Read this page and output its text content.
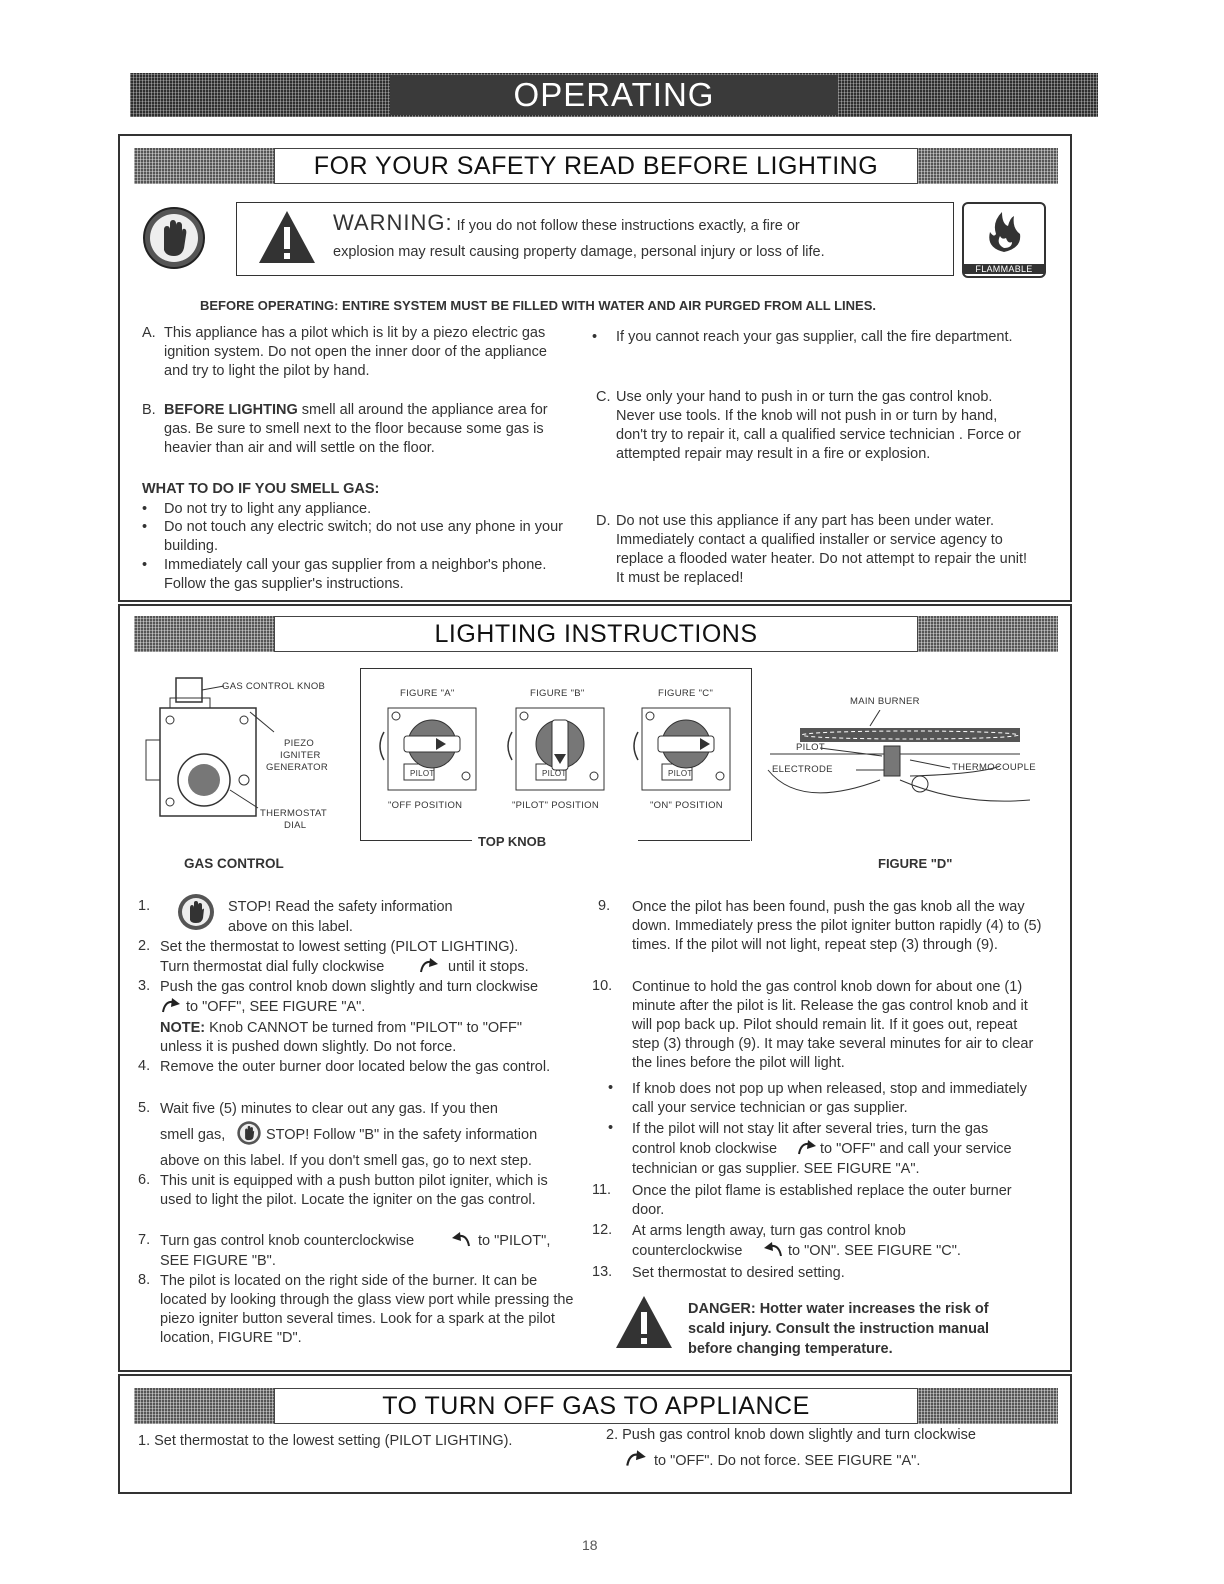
OPERATING INSTRUCTIONS
FOR YOUR SAFETY READ BEFORE LIGHTING
WARNING: If you do not follow these instructions exactly, a fire or
explosion may result causing property damage, personal injury or loss of life.
FLAMMABLE
BEFORE OPERATING: ENTIRE SYSTEM MUST BE FILLED WITH WATER AND AIR PURGED FROM ALL LINES.
A. This appliance has a pilot which is lit by a piezo electric gas ignition system. Do not open the inner door of the appliance and try to light the pilot by hand.
B. BEFORE LIGHTING smell all around the appliance area for gas. Be sure to smell next to the floor because some gas is heavier than air and will settle on the floor.
WHAT TO DO IF YOU SMELL GAS:
• Do not try to light any appliance.
• Do not touch any electric switch; do not use any phone in your building.
• Immediately call your gas supplier from a neighbor's phone. Follow the gas supplier's instructions.
• If you cannot reach your gas supplier, call the fire department.
C. Use only your hand to push in or turn the gas control knob. Never use tools. If the knob will not push in or turn by hand, don't try to repair it, call a qualified service technician . Force or attempted repair may result in a fire or explosion.
D. Do not use this appliance if any part has been under water. Immediately contact a qualified installer or service agency to replace a flooded water heater. Do not attempt to repair the unit! It must be replaced!
LIGHTING INSTRUCTIONS
GAS CONTROL KNOB
PIEZO
IGNITER
GENERATOR
THERMOSTAT
DIAL
GAS CONTROL
TOP KNOB
FIGURE "A"	FIGURE "B"	FIGURE "C"
PILOT	PILOT	PILOT
"OFF POSITION	"PILOT" POSITION	"ON" POSITION
MAIN BURNER
PILOT
ELECTRODE	THERMOCOUPLE
FIGURE "D"
1.	STOP! Read the safety information
above on this label.
2. Set the thermostat to lowest setting (PILOT LIGHTING).
Turn thermostat dial fully clockwise	until it stops.
3. Push the gas control knob down slightly and turn clockwise
to "OFF", SEE FIGURE "A".
NOTE: Knob CANNOT be turned from "PILOT" to "OFF"
unless it is pushed down slightly. Do not force.
4. Remove the outer burner door located below the gas control.
5. Wait five (5) minutes to clear out any gas. If you then
smell gas,	STOP! Follow "B" in the safety information
above on this label. If you don't smell gas, go to next step.
6. This unit is equipped with a push button pilot igniter, which is used to light the pilot. Locate the igniter on the gas control.
7. Turn gas control knob counterclockwise	to "PILOT",
SEE FIGURE "B".
8. The pilot is located on the right side of the burner. It can be located by looking through the glass view port while pressing the piezo igniter button several times. Look for a spark at the pilot location, FIGURE "D".
9. Once the pilot has been found, push the gas knob all the way down. Immediately press the pilot igniter button rapidly (4) to (5) times. If the pilot will not light, repeat step (3) through (9).
10. Continue to hold the gas control knob down for about one (1) minute after the pilot is lit. Release the gas control knob and it will pop back up. Pilot should remain lit. If it goes out, repeat step (3) through (9). It may take several minutes for air to clear the lines before the pilot will light.
• If knob does not pop up when released, stop and immediately call your service technician or gas supplier.
• If the pilot will not stay lit after several tries, turn the gas
control knob clockwise	to "OFF" and call your service
technician or gas supplier. SEE FIGURE "A".
11. Once the pilot flame is established replace the outer burner door.
12. At arms length away, turn gas control knob
counterclockwise	to "ON". SEE FIGURE "C".
13. Set thermostat to desired setting.
DANGER: Hotter water increases the risk of
scald injury. Consult the instruction manual
before changing temperature.
TO TURN OFF GAS TO APPLIANCE
1. Set thermostat to the lowest setting (PILOT LIGHTING).	2. Push gas control knob down slightly and turn clockwise
to "OFF". Do not force. SEE FIGURE "A".
18
